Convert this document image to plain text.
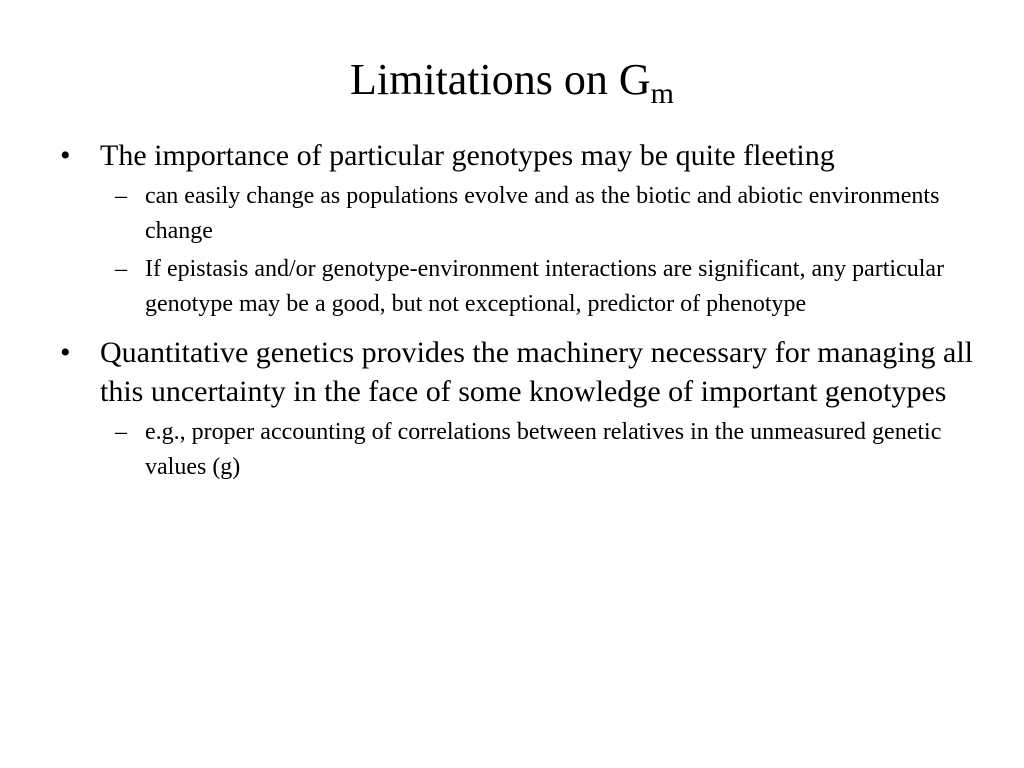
Limitations on $G_m$
• The importance of particular genotypes may be quite fleeting
– can easily change as populations evolve and as the biotic and abiotic environments change
– If epistasis and/or genotype-environment interactions are significant, any particular genotype may be a good, but not exceptional, predictor of phenotype
• Quantitative genetics provides the machinery necessary for managing all this uncertainty in the face of some knowledge of important genotypes
– e.g., proper accounting of correlations between relatives in the unmeasured genetic values (g)
